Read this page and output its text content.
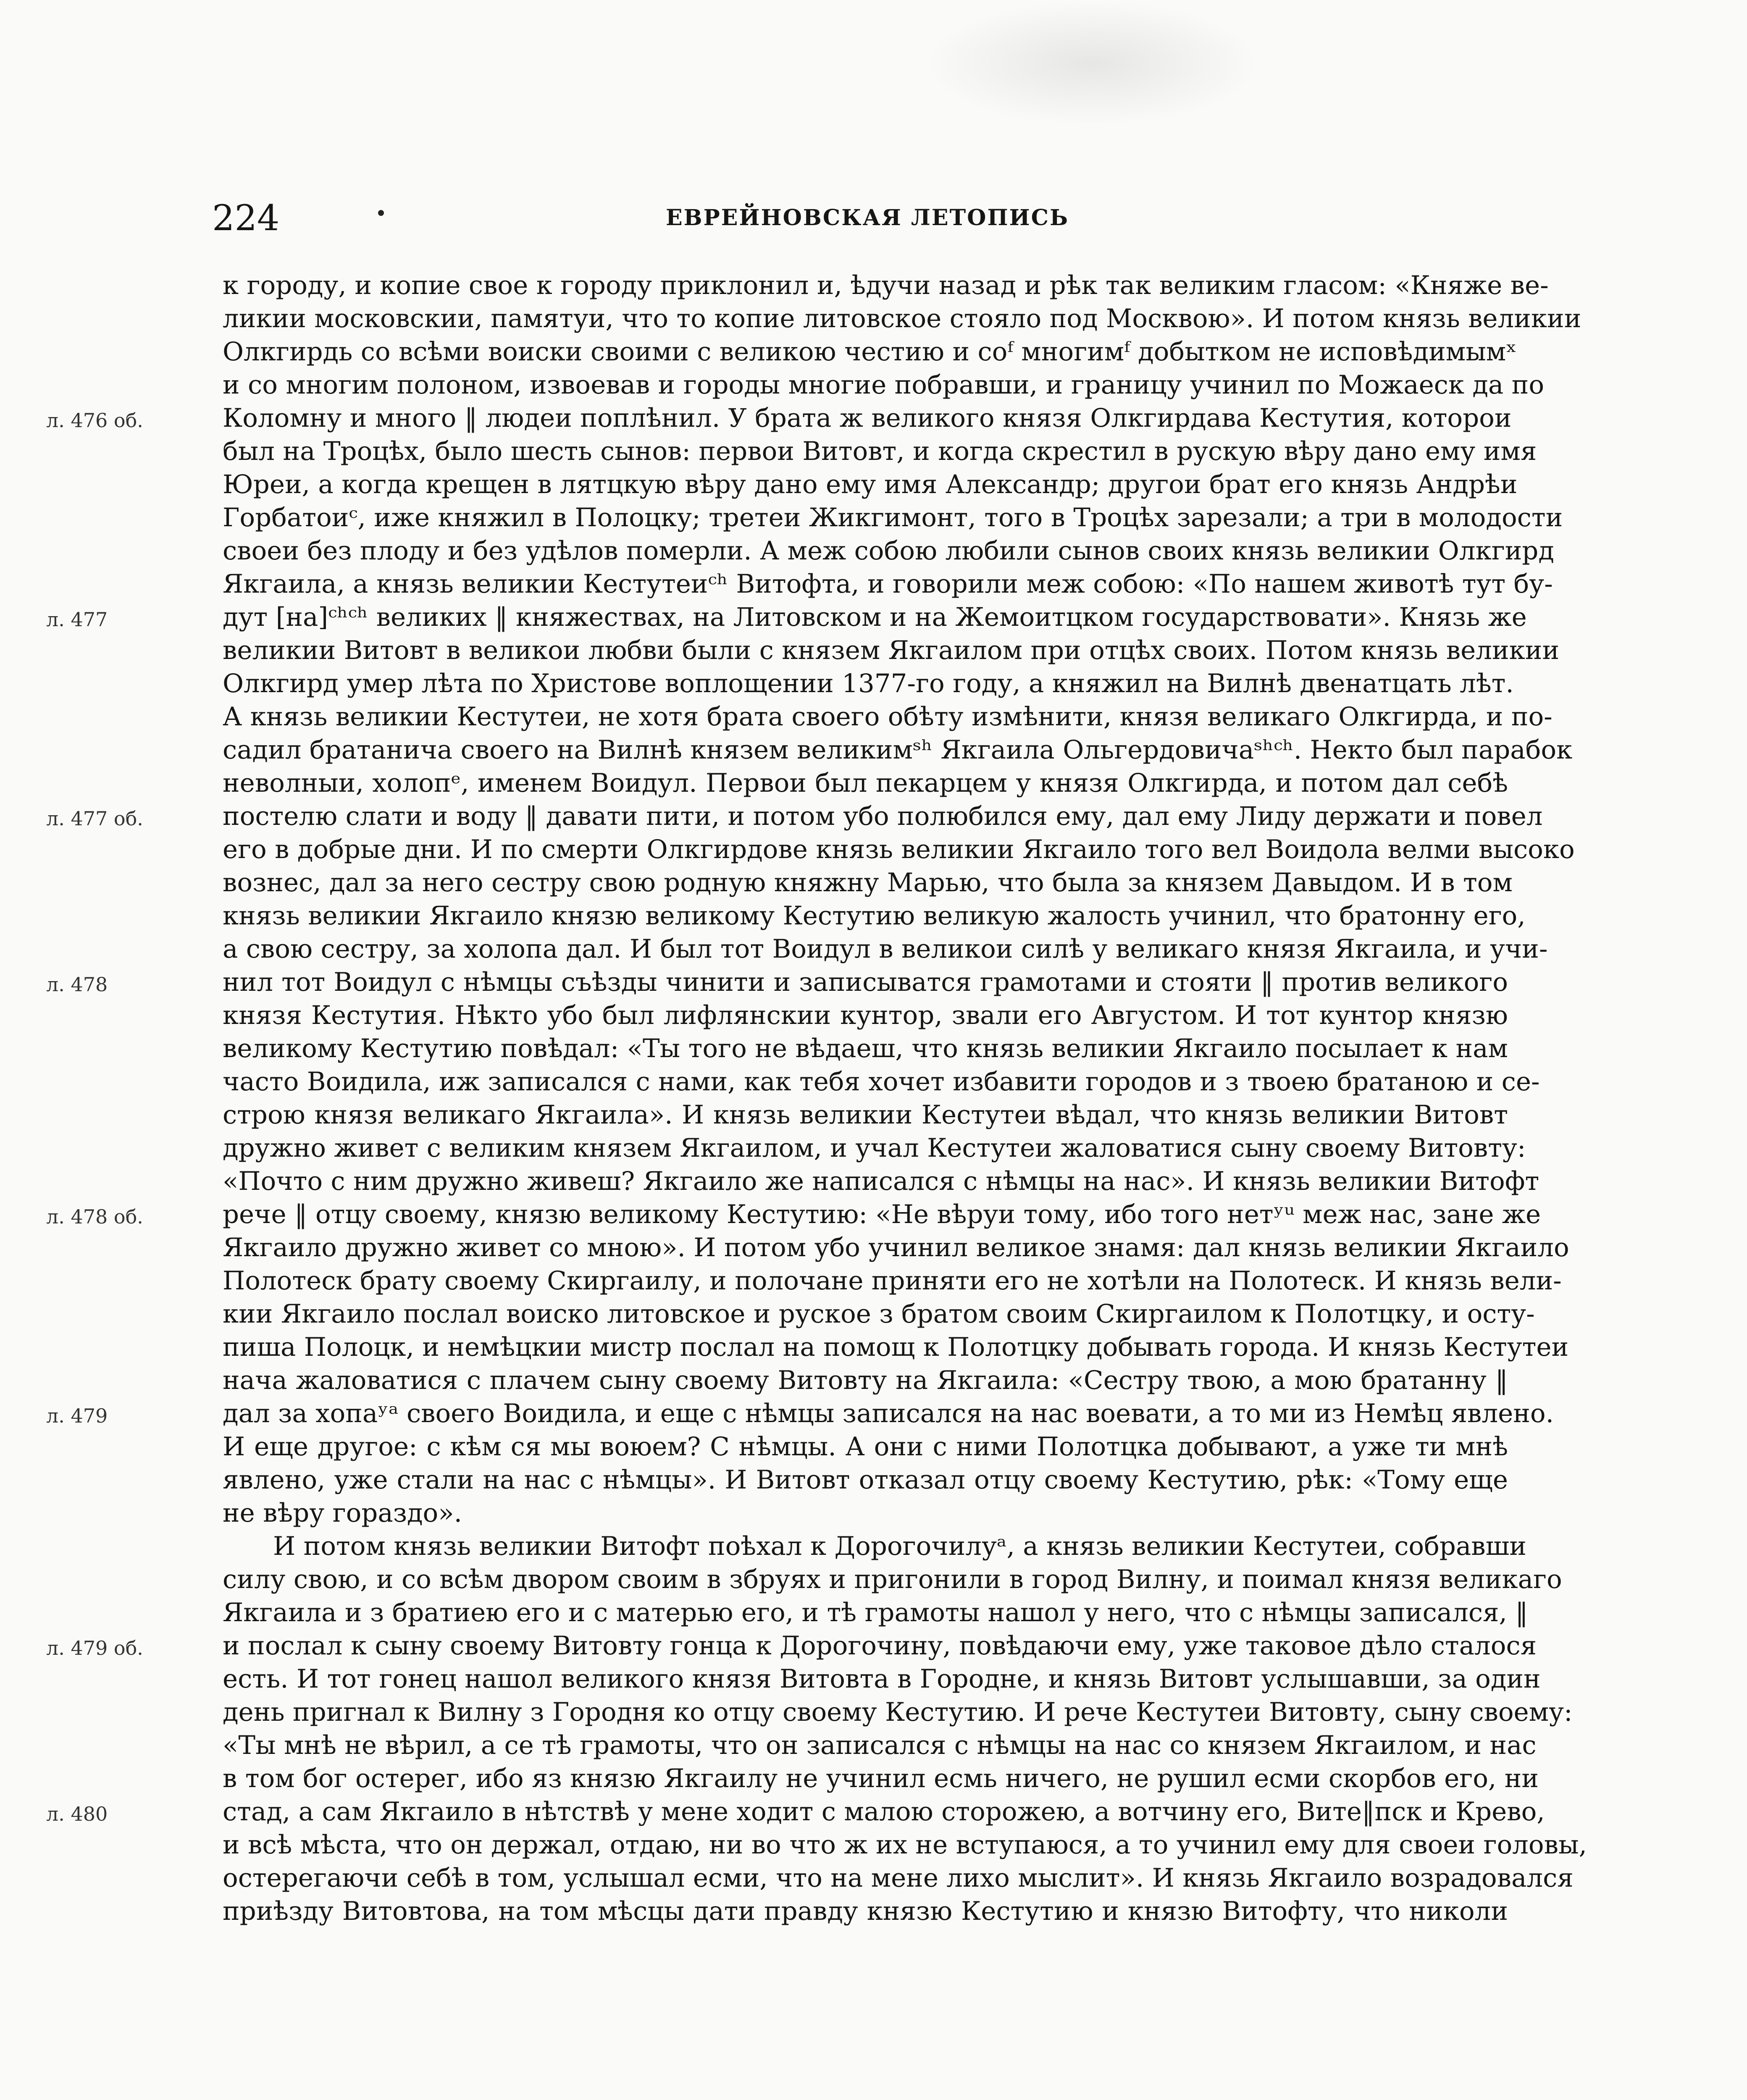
224	ЕВРЕЙНОВСКАЯ ЛЕТОПИСЬ
к городу, и копие свое к городу приклонил и, ѣдучи назад и рѣк так великим гласом: «Княже ве-
ликии московскии, памятуи, что то копие литовское стояло под Москвою». И потом князь великии
Олкгирдь со всѣми воиски своими с великою честию и соᶠ многимᶠ добытком не исповѣдимымˣ
и со многим полоном, извоевав и городы многие побравши, и границу учинил по Можаеск да по
Коломну и много ‖ людеи поплѣнил. У брата ж великого князя Олкгирдава Кестутия, которои
л. 476 об.
был на Троцѣх, было шесть сынов: первои Витовт, и когда скрестил в рускую вѣру дано ему имя
Юреи, а когда крещен в лятцкую вѣру дано ему имя Александр; другои брат его князь Андрѣи
Горбатоиᶜ, иже княжил в Полоцку; третеи Жикгимонт, того в Троцѣх зарезали; а три в молодости
своеи без плоду и без удѣлов померли. А меж собою любили сынов своих князь великии Олкгирд
Якгаила, а князь великии Кестутеиᶜʰ Витофта, и говорили меж собою: «По нашем животѣ тут бу-
дут [на]ᶜʰᶜʰ великих ‖ княжествах, на Литовском и на Жемоитцком государствовати». Князь же
л. 477
великии Витовт в великои любви были с князем Якгаилом при отцѣх своих. Потом князь великии
Олкгирд умер лѣта по Христове воплощении 1377-го году, а княжил на Вилнѣ двенатцать лѣт.
А князь великии Кестутеи, не хотя брата своего обѣту измѣнити, князя великаго Олкгирда, и по-
садил братанича своего на Вилнѣ князем великимˢʰ Якгаила Ольгердовичаˢʰᶜʰ. Некто был парабок
неволныи, холопᵉ, именем Воидул. Первои был пекарцем у князя Олкгирда, и потом дал себѣ
постелю слати и воду ‖ давати пити, и потом убо полюбился ему, дал ему Лиду держати и повел
л. 477 об.
его в добрые дни. И по смерти Олкгирдове князь великии Якгаило того вел Воидола велми высоко
вознес, дал за него сестру свою родную княжну Марью, что была за князем Давыдом. И в том
князь великии Якгаило князю великому Кестутию великую жалость учинил, что братонну его,
а свою сестру, за холопа дал. И был тот Воидул в великои силѣ у великаго князя Якгаила, и учи-
нил тот Воидул с нѣмцы съѣзды чинити и записыватся грамотами и стояти ‖ против великого
л. 478
князя Кестутия. Нѣкто убо был лифлянскии кунтор, звали его Августом. И тот кунтор князю
великому Кестутию повѣдал: «Ты того не вѣдаеш, что князь великии Якгаило посылает к нам
часто Воидила, иж записался с нами, как тебя хочет избавити городов и з твоею братаною и се-
строю князя великаго Якгаила». И князь великии Кестутеи вѣдал, что князь великии Витовт
дружно живет с великим князем Якгаилом, и учал Кестутеи жаловатися сыну своему Витовту:
«Почто с ним дружно живеш? Якгаило же написался с нѣмцы на нас». И князь великии Витофт
рече ‖ отцу своему, князю великому Кестутию: «Не вѣруи тому, ибо того нетʸᵘ меж нас, зане же
л. 478 об.
Якгаило дружно живет со мною». И потом убо учинил великое знамя: дал князь великии Якгаило
Полотеск брату своему Скиргаилу, и полочане приняти его не хотѣли на Полотеск. И князь вели-
кии Якгаило послал воиско литовское и руское з братом своим Скиргаилом к Полотцку, и осту-
пиша Полоцк, и немѣцкии мистр послал на помощ к Полотцку добывать города. И князь Кестутеи
нача жаловатися с плачем сыну своему Витовту на Якгаила: «Сестру твою, а мою братанну ‖
дал за хопаʸᵃ своего Воидила, и еще с нѣмцы записался на нас воевати, а то ми из Немѣц явлено.
л. 479
И еще другое: с кѣм ся мы воюем? С нѣмцы. А они с ними Полотцка добывают, а уже ти мнѣ
явлено, уже стали на нас с нѣмцы». И Витовт отказал отцу своему Кестутию, рѣк: «Тому еще
не вѣру гораздо».
И потом князь великии Витофт поѣхал к Дорогочилуᵃ, а князь великии Кестутеи, собравши
силу свою, и со всѣм двором своим в збруях и пригонили в город Вилну, и поимал князя великаго
Якгаила и з братиею его и с матерью его, и тѣ грамоты нашол у него, что с нѣмцы записался, ‖
и послал к сыну своему Витовту гонца к Дорогочину, повѣдаючи ему, уже таковое дѣло сталося
л. 479 об.
есть. И тот гонец нашол великого князя Витовта в Городне, и князь Витовт услышавши, за один
день пригнал к Вилну з Городня ко отцу своему Кестутию. И рече Кестутеи Витовту, сыну своему:
«Ты мнѣ не вѣрил, а се тѣ грамоты, что он записался с нѣмцы на нас со князем Якгаилом, и нас
в том бог остерег, ибо яз князю Якгаилу не учинил есмь ничего, не рушил есми скорбов его, ни
стад, а сам Якгаило в нѣтствѣ у мене ходит с малою сторожею, а вотчину его, Вите‖пск и Крево,
л. 480
и всѣ мѣста, что он держал, отдаю, ни во что ж их не вступаюся, а то учинил ему для своеи головы,
остерегаючи себѣ в том, услышал есми, что на мене лихо мыслит». И князь Якгаило возрадовался
приѣзду Витовтова, на том мѣсцы дати правду князю Кестутию и князю Витофту, что николи
